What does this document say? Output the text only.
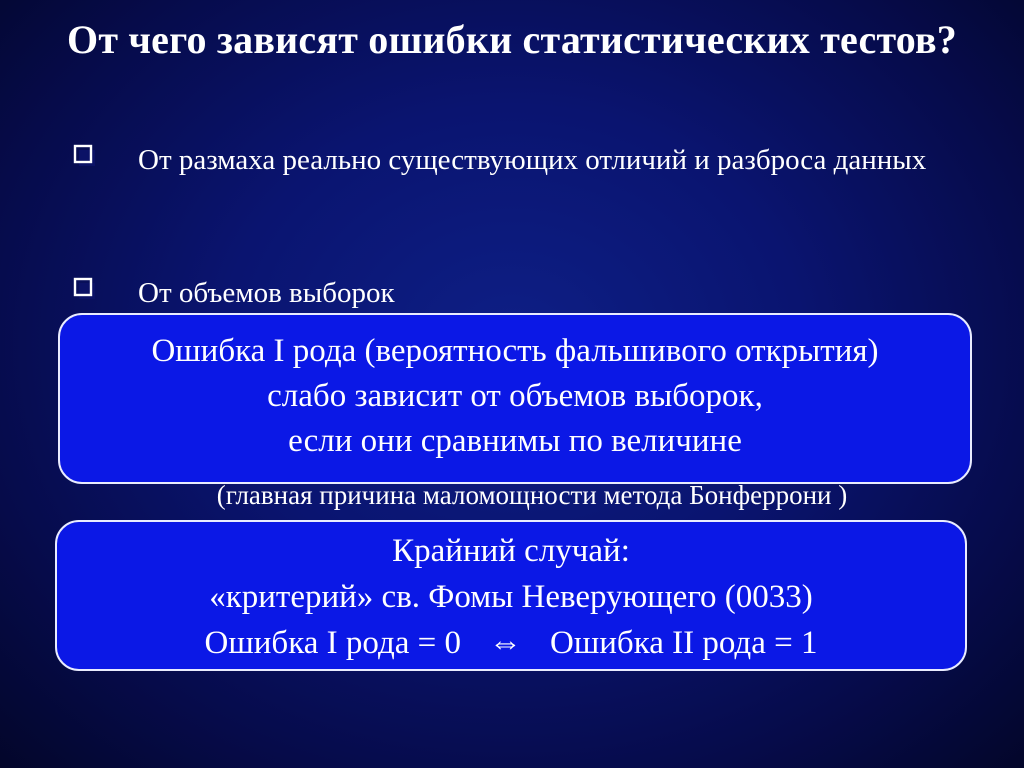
От чего зависят ошибки статистических тестов?
От размаха реально существующих отличий и разброса данных
От объемов выборок
Ошибка I рода (вероятность фальшивого открытия)
слабо зависит от объемов выборок,
если они сравнимы по величине
(главная причина маломощности метода Бонферрони )
Крайний случай:
«критерий» св. Фомы Неверующего (0033)
Ошибка I рода = 0 ⇔ Ошибка II рода = 1
